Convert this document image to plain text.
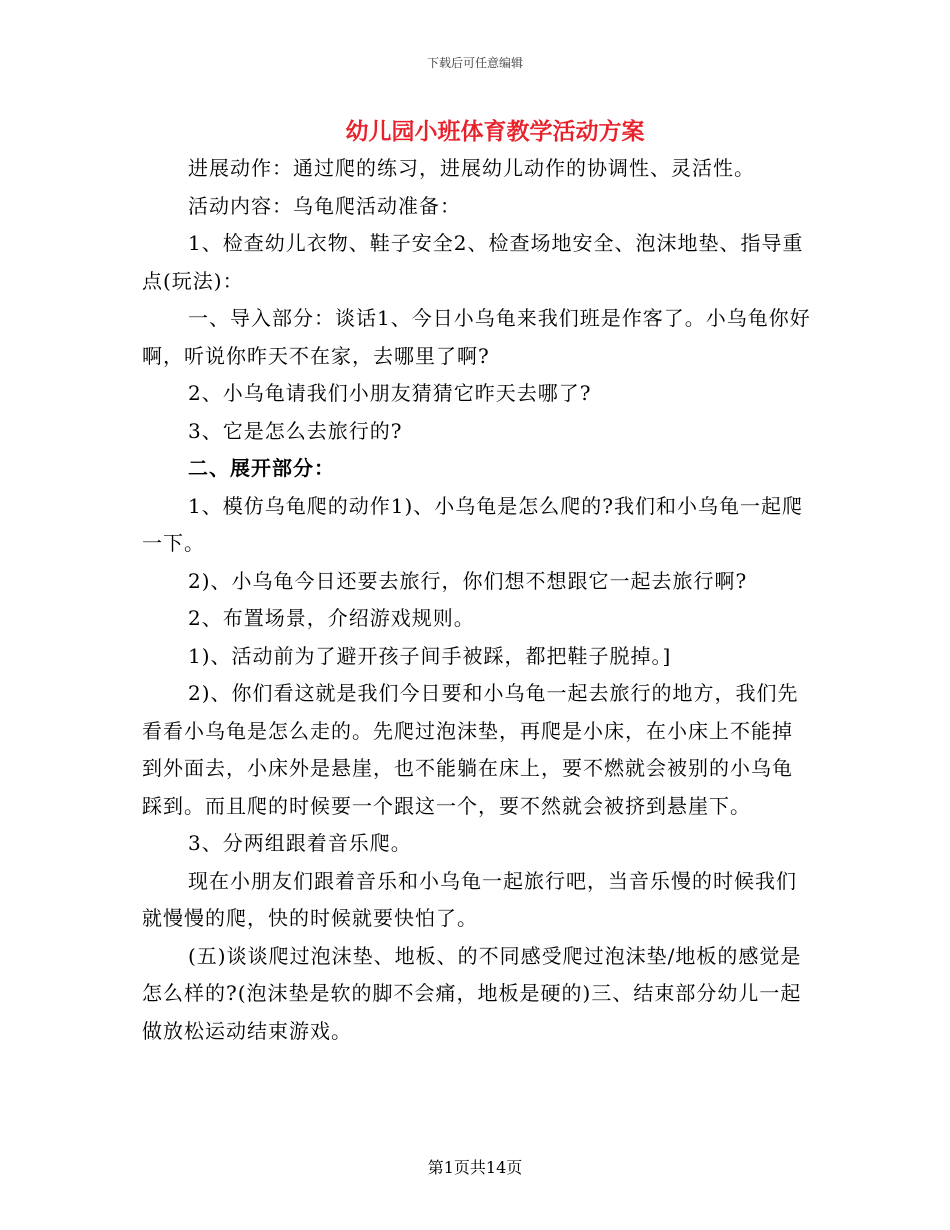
下载后可任意编辑
幼儿园小班体育教学活动方案

进展动作：通过爬的练习，进展幼儿动作的协调性、灵活性。

活动内容：乌龟爬活动准备：

1、检查幼儿衣物、鞋子安全2、检查场地安全、泡沫地垫、指导重点(玩法)：

一、导入部分：谈话1、今日小乌龟来我们班是作客了。小乌龟你好啊，听说你昨天不在家，去哪里了啊?

2、小乌龟请我们小朋友猜猜它昨天去哪了?

3、它是怎么去旅行的?

二、展开部分：

1、模仿乌龟爬的动作1)、小乌龟是怎么爬的?我们和小乌龟一起爬一下。

2)、小乌龟今日还要去旅行，你们想不想跟它一起去旅行啊?

2、布置场景，介绍游戏规则。

1)、活动前为了避开孩子间手被踩，都把鞋子脱掉。]

2)、你们看这就是我们今日要和小乌龟一起去旅行的地方，我们先看看小乌龟是怎么走的。先爬过泡沫垫，再爬是小床，在小床上不能掉到外面去，小床外是悬崖，也不能躺在床上，要不燃就会被别的小乌龟踩到。而且爬的时候要一个跟这一个，要不然就会被挤到悬崖下。

3、分两组跟着音乐爬。

现在小朋友们跟着音乐和小乌龟一起旅行吧，当音乐慢的时候我们就慢慢的爬，快的时候就要快怕了。

(五)谈谈爬过泡沫垫、地板、的不同感受爬过泡沫垫/地板的感觉是怎么样的?(泡沫垫是软的脚不会痛，地板是硬的)三、结束部分幼儿一起做放松运动结束游戏。

第1页共14页
